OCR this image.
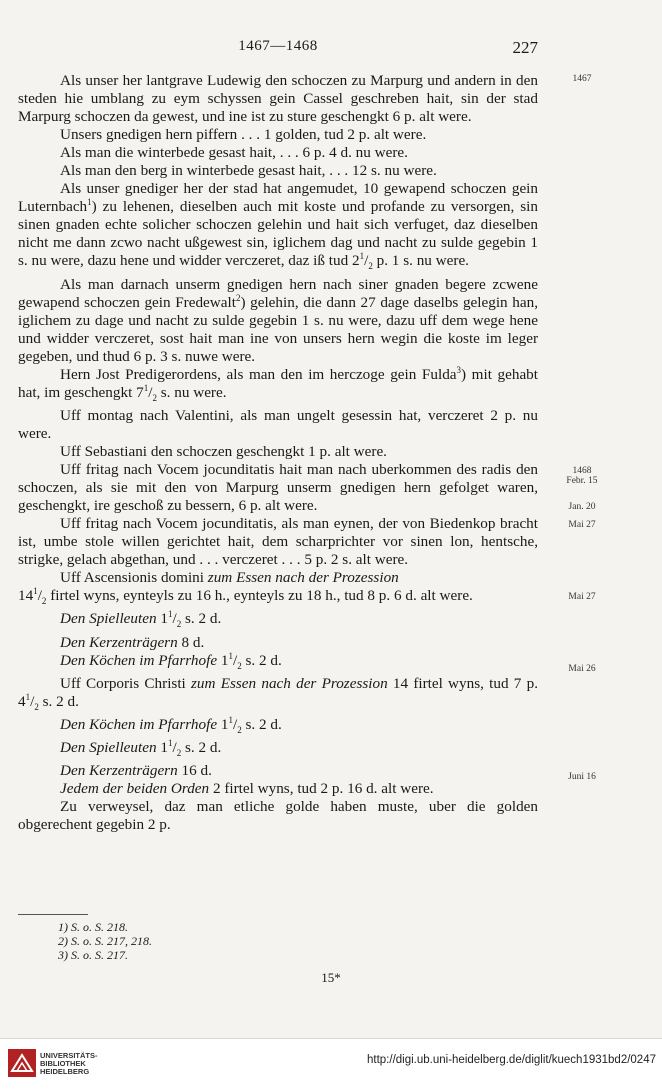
1467—1468	227
1467
1468
Febr. 15
Jan. 20
Mai 27
Mai 27
Mai 26
Juni 16

Als unser her lantgrave Ludewig den schoczen zu Marpurg und andern in den steden hie umblang zu eym schyssen gein Cassel geschreben hait, sin der stad Marpurg schoczen da gewest, und ine ist zu sture geschengkt 6 p. alt were.

Unsers gnedigen hern piffern . . . 1 golden, tud 2 p. alt were.

Als man die winterbede gesast hait, . . . 6 p. 4 d. nu were.

Als man den berg in winterbede gesast hait, . . . 12 s. nu were.

Als unser gnediger her der stad hat angemudet, 10 gewapend schoczen gein Luternbach$^1$) zu lehenen, dieselben auch mit koste und profande zu versorgen, sin sinen gnaden echte solicher schoczen gelehin und hait sich verfuget, daz dieselben nicht me dann zcwo nacht ußgewest sin, iglichem dag und nacht zu sulde gegebin 1 s. nu were, dazu hene und widder verczeret, daz iß tud $2^1/_2$ p. 1 s. nu were.

Als man darnach unserm gnedigen hern nach siner gnaden begere zcwene gewapend schoczen gein Fredewalt$^2$) gelehin, die dann 27 dage daselbs gelegin han, iglichem zu dage und nacht zu sulde gegebin 1 s. nu were, dazu uff dem wege hene und widder verczeret, sost hait man ine von unsers hern wegin die koste im leger gegeben, und thud 6 p. 3 s. nuwe were.

Hern Jost Predigerordens, als man den im herczoge gein Fulda$^3$) mit gehabt hat, im geschengkt $7^1/_2$ s. nu were.

Uff montag nach Valentini, als man ungelt gesessin hat, verczeret 2 p. nu were.

Uff Sebastiani den schoczen geschengkt 1 p. alt were.

Uff fritag nach Vocem jocunditatis hait man nach uberkommen des radis den schoczen, als sie mit den von Marpurg unserm gnedigen hern gefolget waren, geschengkt, ire geschoß zu bessern, 6 p. alt were.

Uff fritag nach Vocem jocunditatis, als man eynen, der von Biedenkop bracht ist, umbe stole willen gerichtet hait, dem scharprichter vor sinen lon, hentsche, strigke, gelach abgethan, und . . . verczeret . . . 5 p. 2 s. alt were.

Uff Ascensionis domini zum Essen nach der Prozession
$14^1/_2$ firtel wyns, eynteyls zu 16 h., eynteyls zu 18 h., tud 8 p. 6 d. alt were.

Den Spielleuten $1^1/_2$ s. 2 d.

Den Kerzenträgern 8 d.

Den Köchen im Pfarrhofe $1^1/_2$ s. 2 d.

Uff Corporis Christi zum Essen nach der Prozession 14 firtel wyns, tud 7 p. $4^1/_2$ s. 2 d.

Den Köchen im Pfarrhofe $1^1/_2$ s. 2 d.

Den Spielleuten $1^1/_2$ s. 2 d.

Den Kerzenträgern 16 d.

Jedem der beiden Orden 2 firtel wyns, tud 2 p. 16 d. alt were.

Zu verweysel, daz man etliche golde haben muste, uber die golden obgerechent gegebin 2 p.

1) S. o. S. 218.
2) S. o. S. 217, 218.
3) S. o. S. 217.
15*
UNIVERSITÄTS-
BIBLIOTHEK
HEIDELBERG
http://digi.ub.uni-heidelberg.de/diglit/kuech1931bd2/0247
